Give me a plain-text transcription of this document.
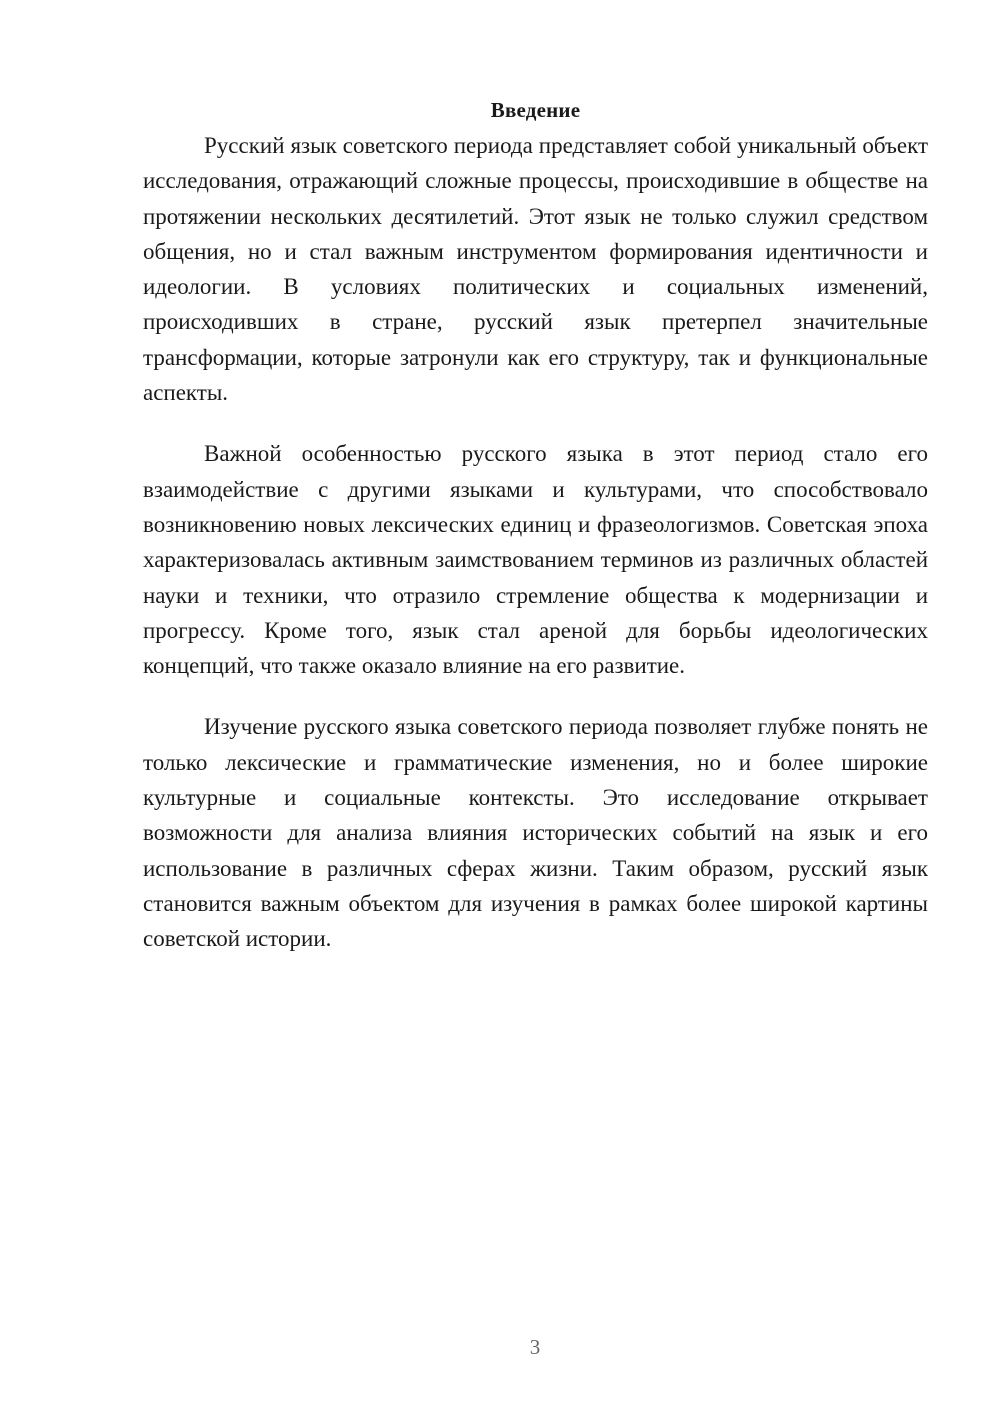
Введение

Русский язык советского периода представляет собой уникальный объект исследования, отражающий сложные процессы, происходившие в обществе на протяжении нескольких десятилетий. Этот язык не только служил средством общения, но и стал важным инструментом формирования идентичности и идеологии. В условиях политических и социальных изменений, происходивших в стране, русский язык претерпел значительные трансформации, которые затронули как его структуру, так и функциональные аспекты.

Важной особенностью русского языка в этот период стало его взаимодействие с другими языками и культурами, что способствовало возникновению новых лексических единиц и фразеологизмов. Советская эпоха характеризовалась активным заимствованием терминов из различных областей науки и техники, что отразило стремление общества к модернизации и прогрессу. Кроме того, язык стал ареной для борьбы идеологических концепций, что также оказало влияние на его развитие.

Изучение русского языка советского периода позволяет глубже понять не только лексические и грамматические изменения, но и более широкие культурные и социальные контексты. Это исследование открывает возможности для анализа влияния исторических событий на язык и его использование в различных сферах жизни. Таким образом, русский язык становится важным объектом для изучения в рамках более широкой картины советской истории.

3
